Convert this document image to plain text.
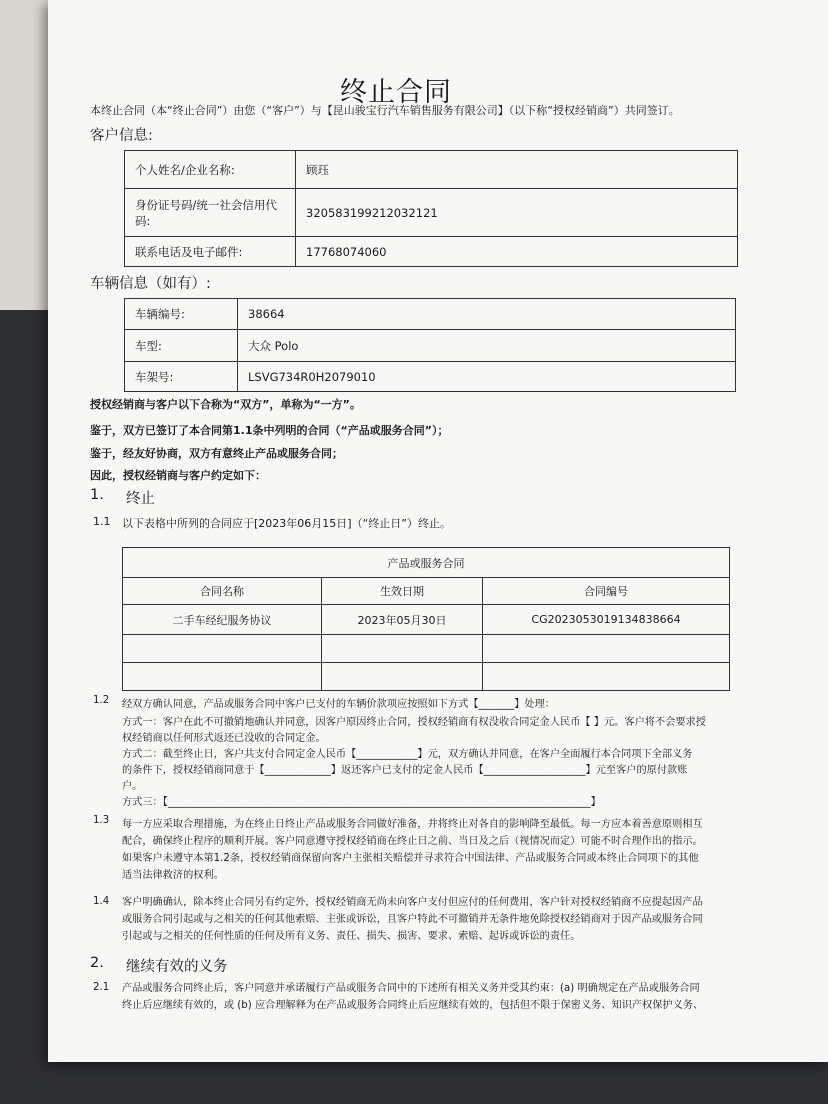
终止合同
本终止合同（本“终止合同”）由您（“客户”）与【昆山骏宝行汽车销售服务有限公司】（以下称“授权经销商”）共同签订。
客户信息:
个人姓名/企业名称:	顾珏
身份证号码/统一社会信用代码:	320583199212032121
联系电话及电子邮件:	17768074060
车辆信息（如有）:
车辆编号:	38664
车型:	大众 Polo
车架号:	LSVG734R0H2079010
授权经销商与客户以下合称为“双方”，单称为“一方”。
鉴于，双方已签订了本合同第1.1条中列明的合同（“产品或服务合同”）；
鉴于，经友好协商，双方有意终止产品或服务合同；
因此，授权经销商与客户约定如下：
1. 终止
1.1 以下表格中所列的合同应于[2023年06月15日]（“终止日”）终止。
产品或服务合同		
合同名称	生效日期	合同编号
二手车经纪服务协议	2023年05月30日	CG2023053019134838664

1.2 经双方确认同意，产品或服务合同中客户已支付的车辆价款项应按照如下方式【_______】处理：
方式一：客户在此不可撤销地确认并同意，因客户原因终止合同，授权经销商有权没收合同定金人民币【 】元。客户将不会要求授
权经销商以任何形式返还已没收的合同定金。
方式二：截至终止日，客户共支付合同定金人民币【____________】元，双方确认并同意，在客户全面履行本合同项下全部义务
的条件下，授权经销商同意于【_____________】返还客户已支付的定金人民币【____________________】元至客户的原付款账
户。
方式三：【___________________________________________________________________________________】
1.3 每一方应采取合理措施，为在终止日终止产品或服务合同做好准备，并将终止对各自的影响降至最低。每一方应本着善意原则相互
配合，确保终止程序的顺利开展。客户同意遵守授权经销商在终止日之前、当日及之后（视情况而定）可能不时合理作出的指示。
如果客户未遵守本第1.2条，授权经销商保留向客户主张相关赔偿并寻求符合中国法律、产品或服务合同或本终止合同项下的其他
适当法律救济的权利。
1.4 客户明确确认，除本终止合同另有约定外，授权经销商无尚未向客户支付但应付的任何费用，客户针对授权经销商不应提起因产品
或服务合同引起或与之相关的任何其他索赔、主张或诉讼，且客户特此不可撤销并无条件地免除授权经销商对于因产品或服务合同
引起或与之相关的任何性质的任何及所有义务、责任、损失、损害、要求、索赔、起诉或诉讼的责任。
2. 继续有效的义务
2.1 产品或服务合同终止后，客户同意并承诺履行产品或服务合同中的下述所有相关义务并受其约束：(a) 明确规定在产品或服务合同
终止后应继续有效的，或 (b) 应合理解释为在产品或服务合同终止后应继续有效的，包括但不限于保密义务、知识产权保护义务、
